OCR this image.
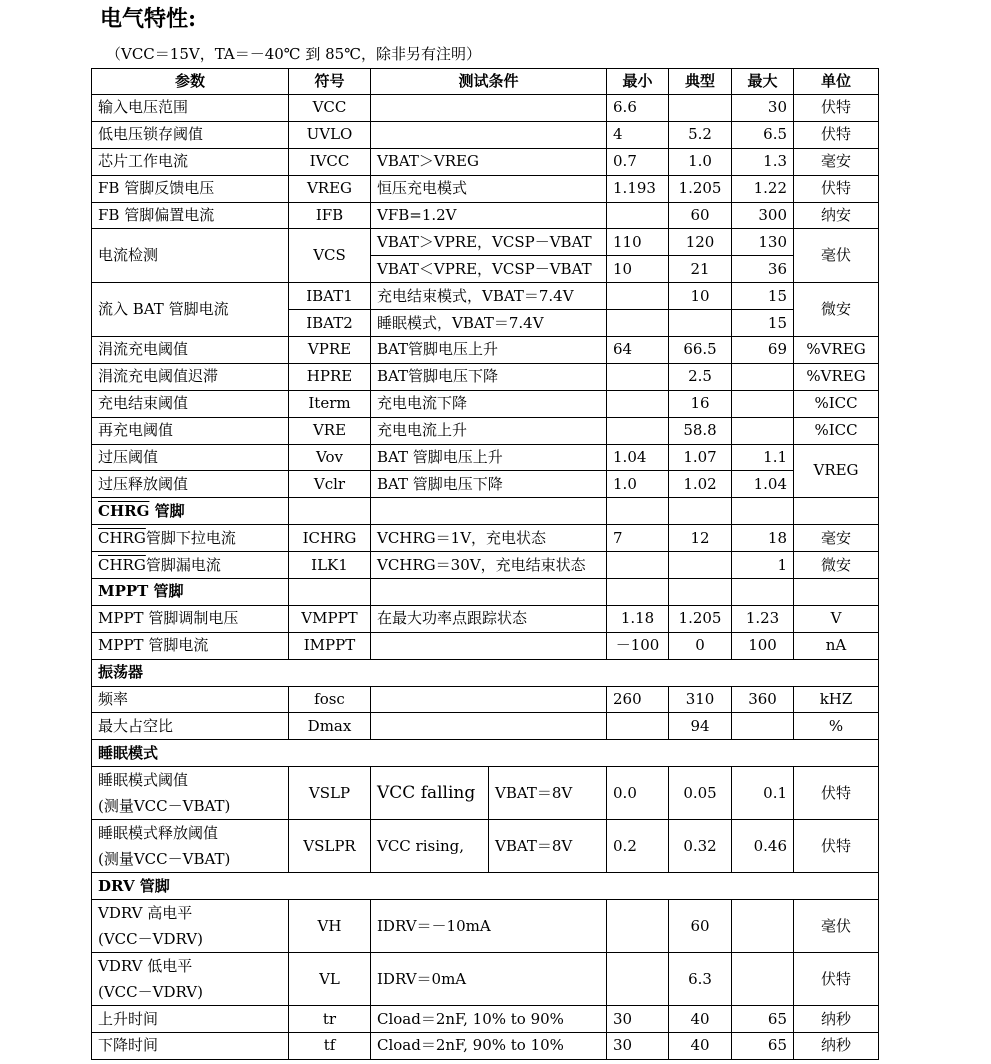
电气特性:
（VCC＝15V，TA＝－40℃ 到 85℃，除非另有注明）
参数	符号	测试条件		最小	典型	最大	单位
输入电压范围	VCC			6.6		30	伏特
低电压锁存阈值	UVLO			4	5.2	6.5	伏特
芯片工作电流	IVCC	VBAT＞VREG		0.7	1.0	1.3	毫安
FB 管脚反馈电压	VREG	恒压充电模式		1.193	1.205	1.22	伏特
FB 管脚偏置电流	IFB	VFB=1.2V			60	300	纳安
电流检测	VCS	VBAT＞VPRE，VCSP－VBAT		110	120	130	毫伏
		VBAT＜VPRE，VCSP－VBAT		10	21	36	
流入 BAT 管脚电流	IBAT1	充电结束模式，VBAT＝7.4V			10	15	微安
	IBAT2	睡眠模式，VBAT＝7.4V				15	
涓流充电阈值	VPRE	BAT管脚电压上升		64	66.5	69	%VREG
涓流充电阈值迟滞	HPRE	BAT管脚电压下降			2.5		%VREG
充电结束阈值	Iterm	充电电流下降			16		%ICC
再充电阈值	VRE	充电电流上升			58.8		%ICC
过压阈值	Vov	BAT 管脚电压上升		1.04	1.07	1.1	VREG
过压释放阈值	Vclr	BAT 管脚电压下降		1.0	1.02	1.04	
CHRG 管脚							
CHRG管脚下拉电流	ICHRG	VCHRG＝1V，充电状态		7	12	18	毫安
CHRG管脚漏电流	ILK1	VCHRG＝30V，充电结束状态				1	微安
MPPT 管脚							
MPPT 管脚调制电压	VMPPT	在最大功率点跟踪状态		1.18	1.205	1.23	V
MPPT 管脚电流	IMPPT			－100	0	100	nA
振荡器							
频率	fosc			260	310	360	kHZ
最大占空比	Dmax				94		%
睡眠模式							
睡眠模式阈值
(测量VCC－VBAT)	VSLP	VCC falling	VBAT＝8V	0.0	0.05	0.1	伏特
睡眠模式释放阈值
(测量VCC－VBAT)	VSLPR	VCC rising,	VBAT＝8V	0.2	0.32	0.46	伏特
DRV 管脚							
VDRV 高电平
(VCC－VDRV)	VH	IDRV＝－10mA			60		毫伏
VDRV 低电平
(VCC－VDRV)	VL	IDRV＝0mA			6.3		伏特
上升时间	tr	Cload＝2nF, 10% to 90%		30	40	65	纳秒
下降时间	tf	Cload＝2nF, 90% to 10%		30	40	65	纳秒
